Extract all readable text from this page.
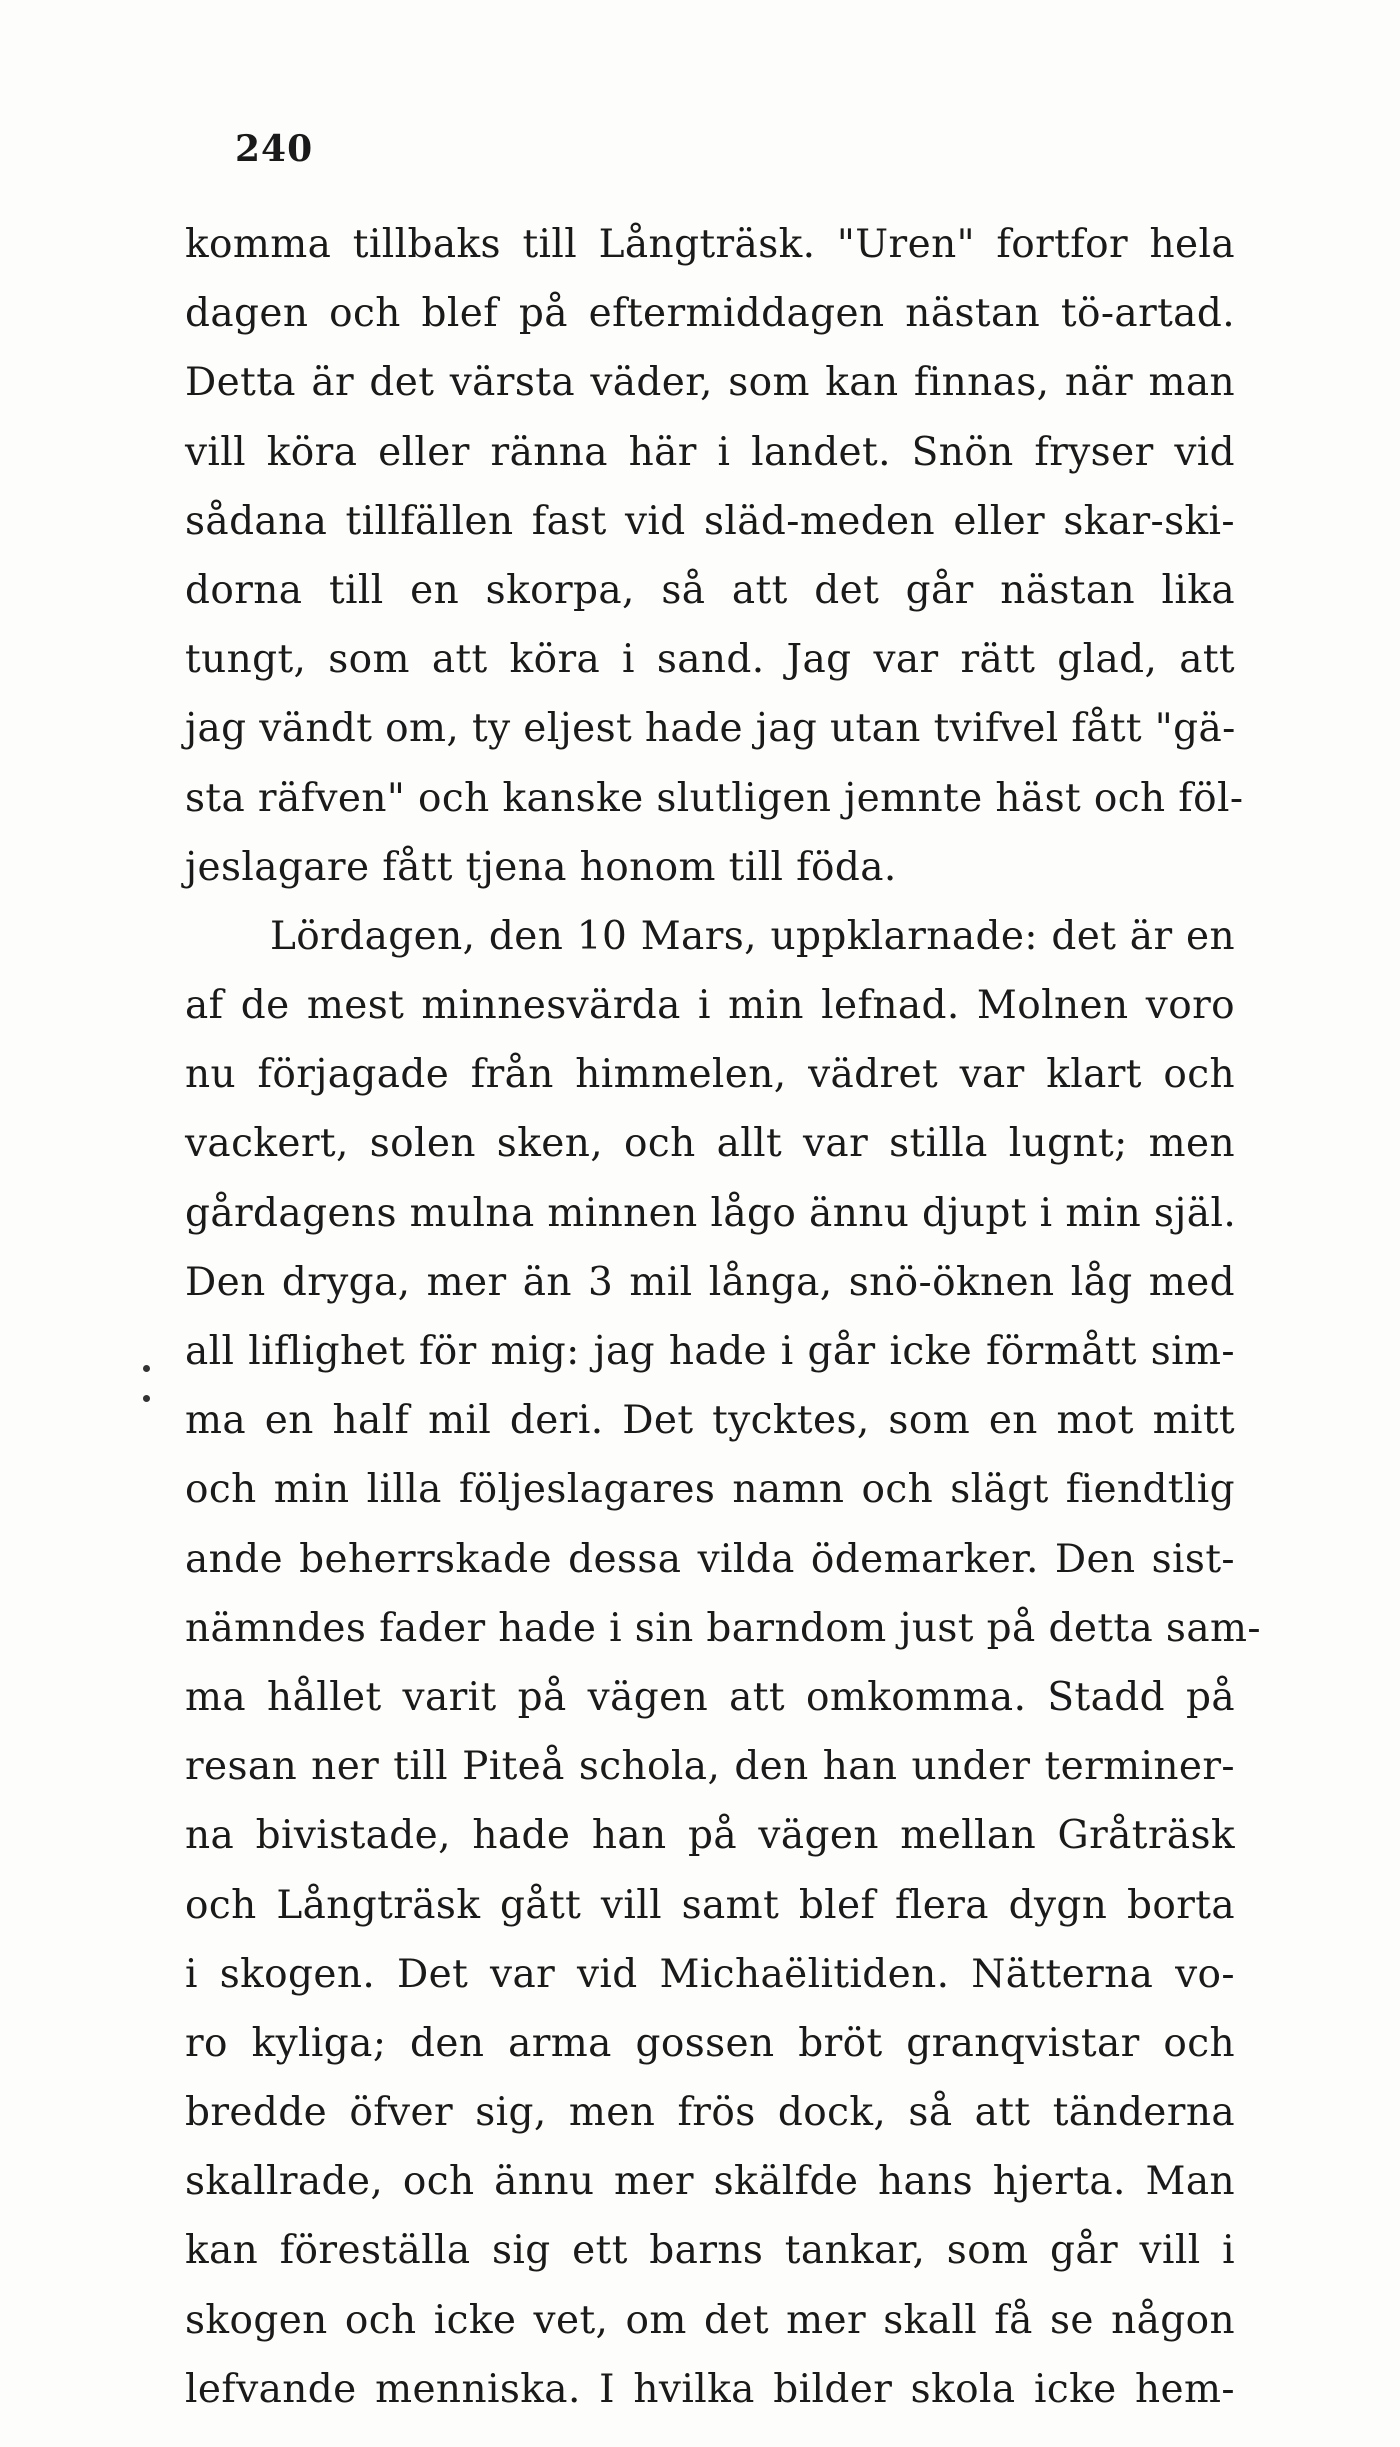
240
komma tillbaks till Långträsk. "Uren" fortfor hela
dagen och blef på eftermiddagen nästan tö-artad.
Detta är det värsta väder, som kan finnas, när man
vill köra eller ränna här i landet. Snön fryser vid
sådana tillfällen fast vid släd-meden eller skar-ski-
dorna till en skorpa, så att det går nästan lika
tungt, som att köra i sand. Jag var rätt glad, att
jag vändt om, ty eljest hade jag utan tvifvel fått "gä-
sta räfven" och kanske slutligen jemnte häst och föl-
jeslagare fått tjena honom till föda.
Lördagen, den 10 Mars, uppklarnade: det är en
af de mest minnesvärda i min lefnad. Molnen voro
nu förjagade från himmelen, vädret var klart och
vackert, solen sken, och allt var stilla lugnt; men
gårdagens mulna minnen lågo ännu djupt i min själ.
Den dryga, mer än 3 mil långa, snö-öknen låg med
all liflighet för mig: jag hade i går icke förmått sim-
ma en half mil deri. Det tycktes, som en mot mitt
och min lilla följeslagares namn och slägt fiendtlig
ande beherrskade dessa vilda ödemarker. Den sist-
nämndes fader hade i sin barndom just på detta sam-
ma hållet varit på vägen att omkomma. Stadd på
resan ner till Piteå schola, den han under terminer-
na bivistade, hade han på vägen mellan Gråträsk
och Långträsk gått vill samt blef flera dygn borta
i skogen. Det var vid Michaëlitiden. Nätterna vo-
ro kyliga; den arma gossen bröt granqvistar och
bredde öfver sig, men frös dock, så att tänderna
skallrade, och ännu mer skälfde hans hjerta. Man
kan föreställa sig ett barns tankar, som går vill i
skogen och icke vet, om det mer skall få se någon
lefvande menniska. I hvilka bilder skola icke hem-
